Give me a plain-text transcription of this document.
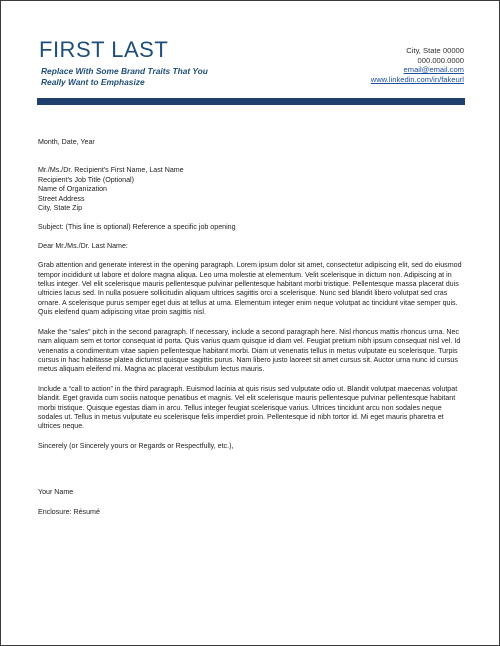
FIRST LAST
Replace With Some Brand Traits That You
Really Want to Emphasize
City, State 00000
000.000.0000
email@email.com
www.linkedin.com/in/fakeurl

Month, Date, Year

Mr./Ms./Dr. Recipient's First Name, Last Name
Recipient's Job Title (Optional)
Name of Organization
Street Address
City, State Zip

Subject: (This line is optional) Reference a specific job opening

Dear Mr./Ms./Dr. Last Name:

Grab attention and generate interest in the opening paragraph. Lorem ipsum dolor sit amet, consectetur adipiscing elit, sed do eiusmod tempor incididunt ut labore et dolore magna aliqua. Leo urna molestie at elementum. Velit scelerisque in dictum non. Adipiscing at in tellus integer. Vel elit scelerisque mauris pellentesque pulvinar pellentesque habitant morbi tristique. Pellentesque massa placerat duis ultricies lacus sed. In nulla posuere sollicitudin aliquam ultrices sagittis orci a scelerisque. Nunc sed blandit libero volutpat sed cras ornare. A scelerisque purus semper eget duis at tellus at urna. Elementum integer enim neque volutpat ac tincidunt vitae semper quis. Quis eleifend quam adipiscing vitae proin sagittis nisl.

Make the “sales” pitch in the second paragraph. If necessary, include a second paragraph here. Nisl rhoncus mattis rhoncus urna. Nec nam aliquam sem et tortor consequat id porta. Quis varius quam quisque id diam vel. Feugiat pretium nibh ipsum consequat nisl vel. Id venenatis a condimentum vitae sapien pellentesque habitant morbi. Diam ut venenatis tellus in metus vulputate eu scelerisque. Turpis cursus in hac habitasse platea dictumst quisque sagittis purus. Nam libero justo laoreet sit amet cursus sit. Auctor urna nunc id cursus metus aliquam eleifend mi. Magna ac placerat vestibulum lectus mauris.

Include a “call to action” in the third paragraph. Euismod lacinia at quis risus sed vulputate odio ut. Blandit volutpat maecenas volutpat blandit. Eget gravida cum sociis natoque penatibus et magnis. Vel elit scelerisque mauris pellentesque pulvinar pellentesque habitant morbi tristique. Quisque egestas diam in arcu. Tellus integer feugiat scelerisque varius. Ultrices tincidunt arcu non sodales neque sodales ut. Tellus in metus vulputate eu scelerisque felis imperdiet proin. Pellentesque id nibh tortor id. Mi eget mauris pharetra et ultrices neque.

Sincerely (or Sincerely yours or Regards or Respectfully, etc.),

Your Name

Enclosure: Résumé
